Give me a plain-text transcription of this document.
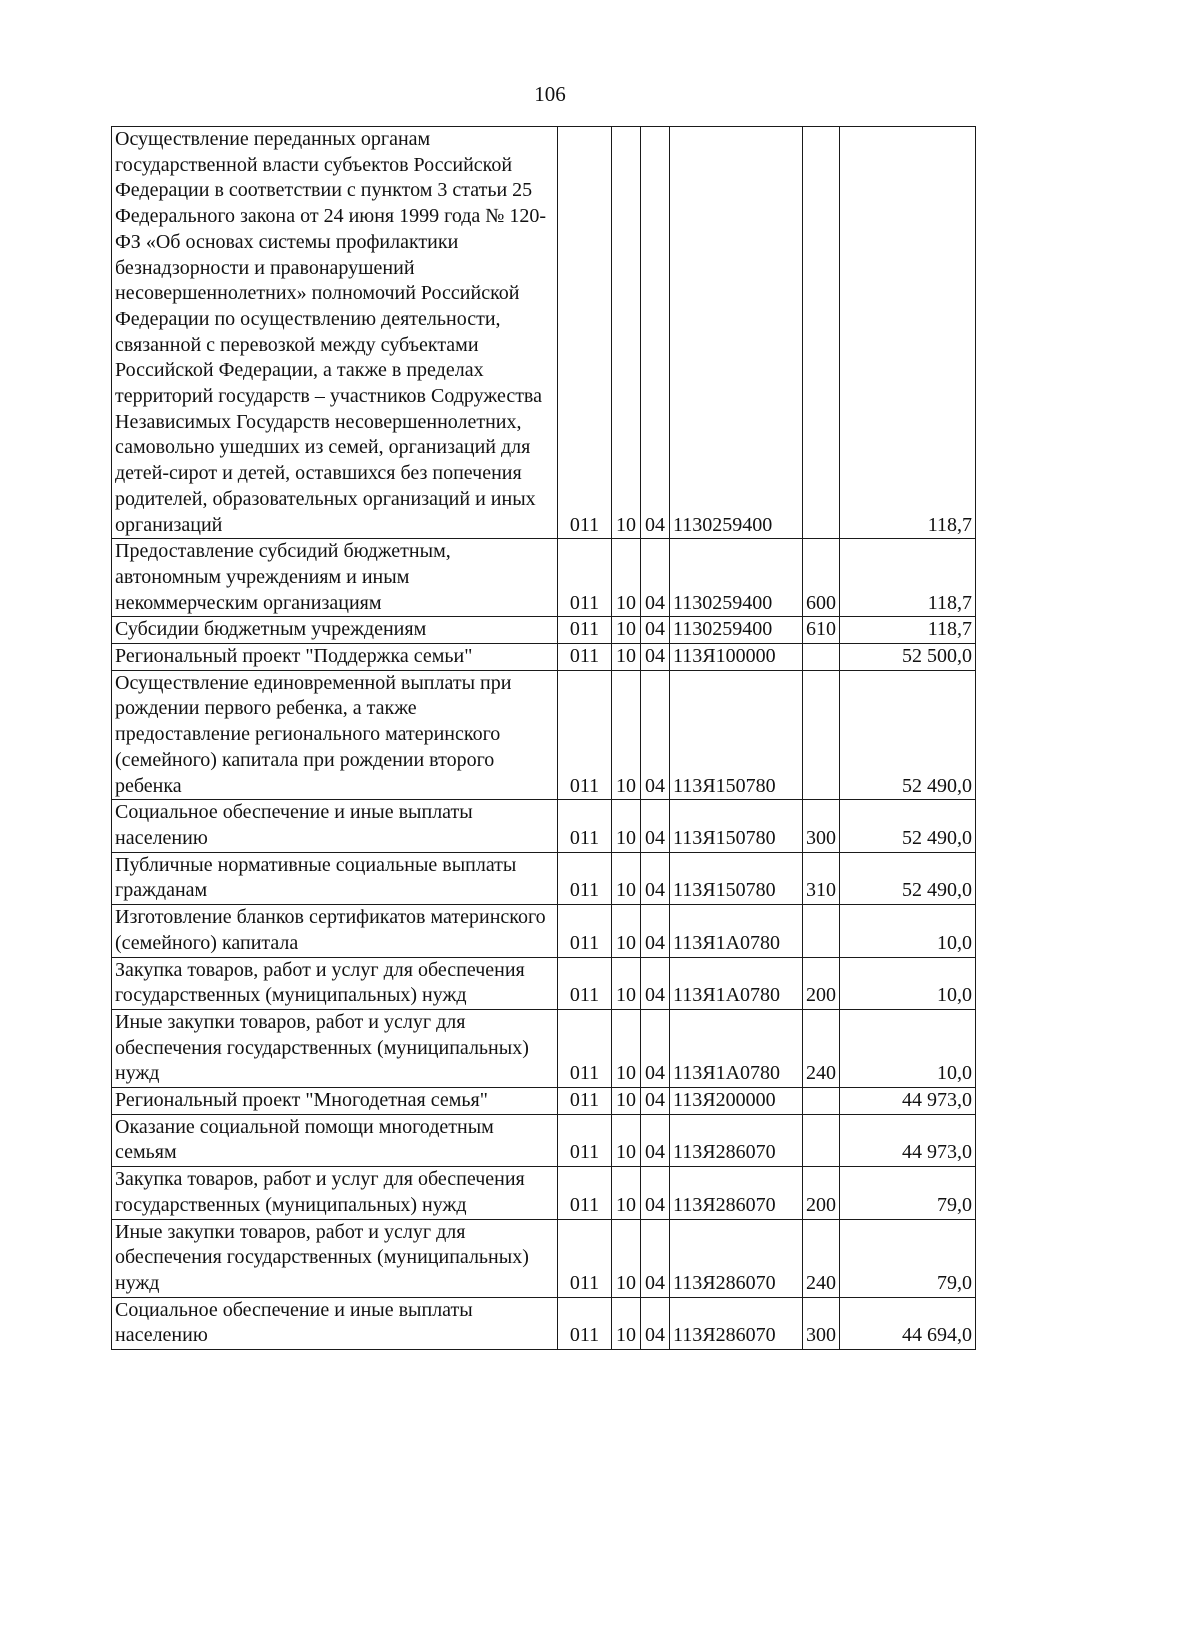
106
Осуществление переданных органам государственной власти субъектов Российской Федерации в соответствии с пунктом 3 статьи 25 Федерального закона от 24 июня 1999 года № 120-ФЗ «Об основах системы профилактики безнадзорности и правонарушений несовершеннолетних» полномочий Российской Федерации по осуществлению деятельности, связанной с перевозкой между субъектами Российской Федерации, а также в пределах территорий государств – участников Содружества Независимых Государств несовершеннолетних, самовольно ушедших из семей, организаций для детей-сирот и детей, оставшихся без попечения родителей, образовательных организаций и иных организаций	011	10	04	1130259400		118,7
Предоставление субсидий бюджетным, автономным учреждениям и иным некоммерческим организациям	011	10	04	1130259400	600	118,7
Субсидии бюджетным учреждениям	011	10	04	1130259400	610	118,7
Региональный проект "Поддержка семьи"	011	10	04	113Я100000		52 500,0
Осуществление единовременной выплаты при рождении первого ребенка, а также предоставление регионального материнского (семейного) капитала при рождении второго ребенка	011	10	04	113Я150780		52 490,0
Социальное обеспечение и иные выплаты населению	011	10	04	113Я150780	300	52 490,0
Публичные нормативные социальные выплаты гражданам	011	10	04	113Я150780	310	52 490,0
Изготовление бланков сертификатов материнского (семейного) капитала	011	10	04	113Я1А0780		10,0
Закупка товаров, работ и услуг для обеспечения государственных (муниципальных) нужд	011	10	04	113Я1А0780	200	10,0
Иные закупки товаров, работ и услуг для обеспечения государственных (муниципальных) нужд	011	10	04	113Я1А0780	240	10,0
Региональный проект "Многодетная семья"	011	10	04	113Я200000		44 973,0
Оказание социальной помощи многодетным семьям	011	10	04	113Я286070		44 973,0
Закупка товаров, работ и услуг для обеспечения государственных (муниципальных) нужд	011	10	04	113Я286070	200	79,0
Иные закупки товаров, работ и услуг для обеспечения государственных (муниципальных) нужд	011	10	04	113Я286070	240	79,0
Социальное обеспечение и иные выплаты населению	011	10	04	113Я286070	300	44 694,0
